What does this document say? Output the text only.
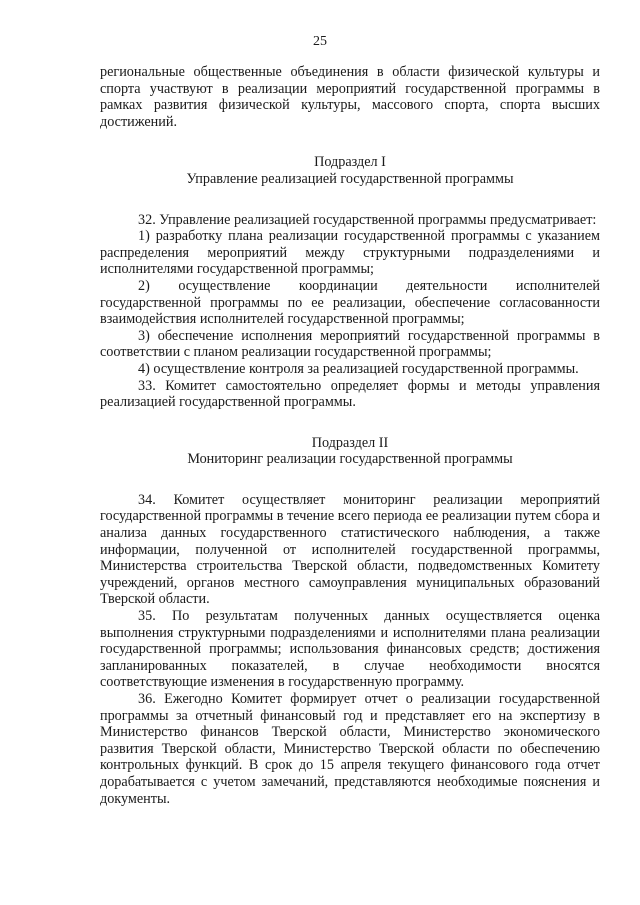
25

региональные общественные объединения в области физической культуры и спорта участвуют в реализации мероприятий государственной программы в рамках развития физической культуры, массового спорта, спорта высших достижений.

Подраздел I
Управление реализацией государственной программы

32. Управление реализацией государственной программы предусматривает:

1) разработку плана реализации государственной программы с указанием распределения мероприятий между структурными подразделениями и исполнителями государственной программы;

2) осуществление координации деятельности исполнителей государственной программы по ее реализации, обеспечение согласованности взаимодействия исполнителей государственной программы;

3) обеспечение исполнения мероприятий государственной программы в соответствии с планом реализации государственной программы;

4) осуществление контроля за реализацией государственной программы.

33. Комитет самостоятельно определяет формы и методы управления реализацией государственной программы.

Подраздел II
Мониторинг реализации государственной программы

34. Комитет осуществляет мониторинг реализации мероприятий государственной программы в течение всего периода ее реализации путем сбора и анализа данных государственного статистического наблюдения, а также информации, полученной от исполнителей государственной программы, Министерства строительства Тверской области, подведомственных Комитету учреждений, органов местного самоуправления муниципальных образований Тверской области.

35. По результатам полученных данных осуществляется оценка выполнения структурными подразделениями и исполнителями плана реализации государственной программы; использования финансовых средств; достижения запланированных показателей, в случае необходимости вносятся соответствующие изменения в государственную программу.

36. Ежегодно Комитет формирует отчет о реализации государственной программы за отчетный финансовый год и представляет его на экспертизу в Министерство финансов Тверской области, Министерство экономического развития Тверской области, Министерство Тверской области по обеспечению контрольных функций. В срок до 15 апреля текущего финансового года отчет дорабатывается с учетом замечаний, представляются необходимые пояснения и документы.
